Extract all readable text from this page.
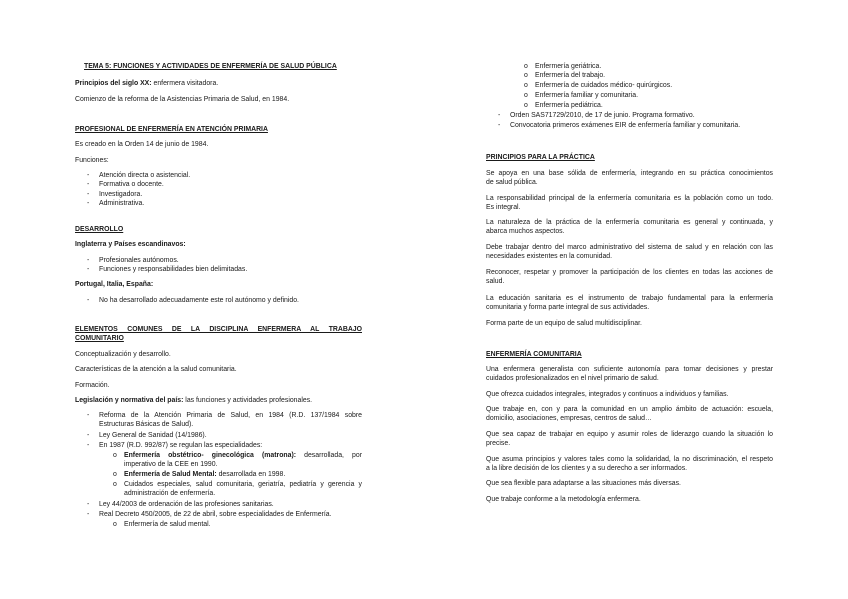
TEMA 5: FUNCIONES Y ACTIVIDADES DE ENFERMERÍA DE SALUD PÚBLICA
Principios del siglo XX: enfermera visitadora.
Comienzo de la reforma de la Asistencias Primaria de Salud, en 1984.
PROFESIONAL DE ENFERMERÍA EN ATENCIÓN PRIMARIA
Es creado en la Orden 14 de junio de 1984.
Funciones:
- Atención directa o asistencial.
- Formativa o docente.
- Investigadora.
- Administrativa.
DESARROLLO
Inglaterra y Países escandinavos:
- Profesionales autónomos.
- Funciones y responsabilidades bien delimitadas.
Portugal, Italia, España:
- No ha desarrollado adecuadamente este rol autónomo y definido.
ELEMENTOS COMUNES DE LA DISCIPLINA ENFERMERA AL TRABAJO
COMUNITARIO
Conceptualización y desarrollo.
Características de la atención a la salud comunitaria.
Formación.
Legislación y normativa del país: las funciones y actividades profesionales.
- Reforma de la Atención Primaria de Salud, en 1984 (R.D. 137/1984 sobre
Estructuras Básicas de Salud).
- Ley General de Sanidad (14/1986).
- En 1987 (R.D. 992/87) se regulan las especialidades:
o Enfermería obstétrico- ginecológica (matrona): desarrollada, por
imperativo de la CEE en 1990.
o Enfermería de Salud Mental: desarrollada en 1998.
o Cuidados especiales, salud comunitaria, geriatría, pediatría y gerencia y
administración de enfermería.
- Ley 44/2003 de ordenación de las profesiones sanitarias.
- Real Decreto 450/2005, de 22 de abril, sobre especialidades de Enfermería.
o Enfermería de salud mental.
o Enfermería geriátrica.
o Enfermería del trabajo.
o Enfermería de cuidados médico- quirúrgicos.
o Enfermería familiar y comunitaria.
o Enfermería pediátrica.
- Orden SAS71729/2010, de 17 de junio. Programa formativo.
- Convocatoria primeros exámenes EIR de enfermería familiar y comunitaria.
PRINCIPIOS PARA LA PRÁCTICA
Se apoya en una base sólida de enfermería, integrando en su práctica conocimientos
de salud pública.
La responsabilidad principal de la enfermería comunitaria es la población como un todo.
Es integral.
La naturaleza de la práctica de la enfermería comunitaria es general y continuada, y
abarca muchos aspectos.
Debe trabajar dentro del marco administrativo del sistema de salud y en relación con las
necesidades existentes en la comunidad.
Reconocer, respetar y promover la participación de los clientes en todas las acciones de
salud.
La educación sanitaria es el instrumento de trabajo fundamental para la enfermería
comunitaria y forma parte integral de sus actividades.
Forma parte de un equipo de salud multidisciplinar.
ENFERMERÍA COMUNITARIA
Una enfermera generalista con suficiente autonomía para tomar decisiones y prestar
cuidados profesionalizados en el nivel primario de salud.
Que ofrezca cuidados integrales, integrados y continuos a individuos y familias.
Que trabaje en, con y para la comunidad en un amplio ámbito de actuación: escuela,
domicilio, asociaciones, empresas, centros de salud…
Que sea capaz de trabajar en equipo y asumir roles de liderazgo cuando la situación lo
precise.
Que asuma principios y valores tales como la solidaridad, la no discriminación, el respeto
a la libre decisión de los clientes y a su derecho a ser informados.
Que sea flexible para adaptarse a las situaciones más diversas.
Que trabaje conforme a la metodología enfermera.
